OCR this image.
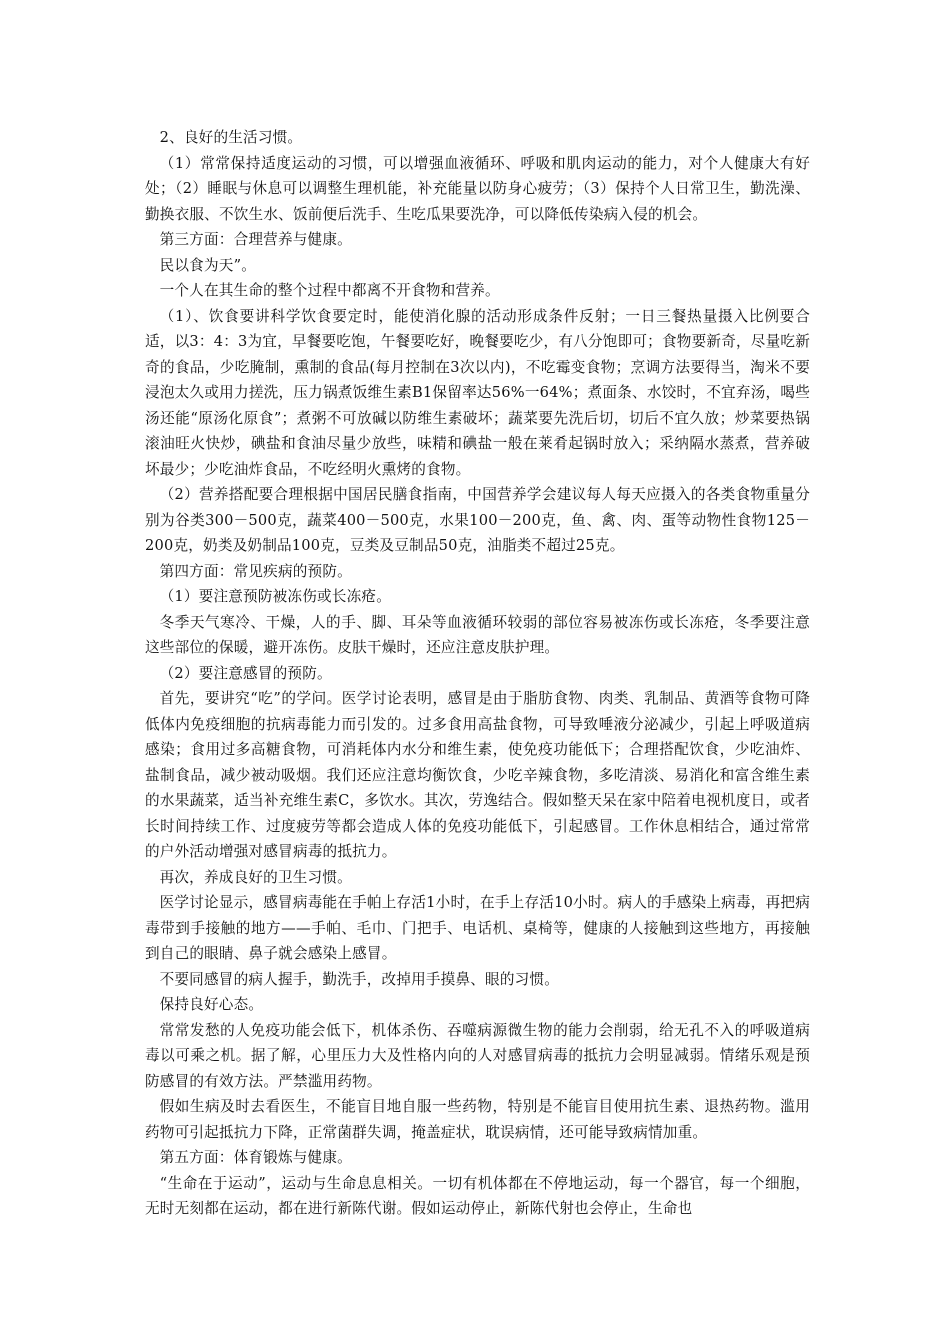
2、良好的生活习惯。

（1）常常保持适度运动的习惯，可以增强血液循环、呼吸和肌肉运动的能力，对个人健康大有好处；（2）睡眠与休息可以调整生理机能，补充能量以防身心疲劳；（3）保持个人日常卫生，勤洗澡、勤换衣服、不饮生水、饭前便后洗手、生吃瓜果要洗净，可以降低传染病入侵的机会。

第三方面：合理营养与健康。

民以食为天”。

一个人在其生命的整个过程中都离不开食物和营养。

（1）、饮食要讲科学饮食要定时，能使消化腺的活动形成条件反射；一日三餐热量摄入比例要合适，以3：4：3为宜，早餐要吃饱，午餐要吃好，晚餐要吃少，有八分饱即可；食物要新奇，尽量吃新奇的食品，少吃腌制，熏制的食品(每月控制在3次以内)，不吃霉变食物；烹调方法要得当，淘米不要浸泡太久或用力搓洗，压力锅煮饭维生素B1保留率达56%一64%；煮面条、水饺时，不宜弃汤，喝些汤还能“原汤化原食”；煮粥不可放碱以防维生素破坏；蔬菜要先洗后切，切后不宜久放；炒菜要热锅滚油旺火快炒，碘盐和食油尽量少放些，味精和碘盐一般在莱肴起锅时放入；采纳隔水蒸煮，营养破坏最少；少吃油炸食品，不吃经明火熏烤的食物。

（2）营养搭配要合理根据中国居民膳食指南，中国营养学会建议每人每天应摄入的各类食物重量分别为谷类300－500克，蔬菜400－500克，水果100－200克，鱼、禽、肉、蛋等动物性食物125－200克，奶类及奶制品100克，豆类及豆制品50克，油脂类不超过25克。

第四方面：常见疾病的预防。

（1）要注意预防被冻伤或长冻疮。

冬季天气寒冷、干燥，人的手、脚、耳朵等血液循环较弱的部位容易被冻伤或长冻疮，冬季要注意这些部位的保暖，避开冻伤。皮肤干燥时，还应注意皮肤护理。

（2）要注意感冒的预防。

首先，要讲究“吃”的学问。医学讨论表明，感冒是由于脂肪食物、肉类、乳制品、黄酒等食物可降低体内免疫细胞的抗病毒能力而引发的。过多食用高盐食物，可导致唾液分泌减少，引起上呼吸道病感染；食用过多高糖食物，可消耗体内水分和维生素，使免疫功能低下；合理搭配饮食，少吃油炸、盐制食品，减少被动吸烟。我们还应注意均衡饮食，少吃辛辣食物，多吃清淡、易消化和富含维生素的水果蔬菜，适当补充维生素C，多饮水。其次，劳逸结合。假如整天呆在家中陪着电视机度日，或者长时间持续工作、过度疲劳等都会造成人体的免疫功能低下，引起感冒。工作休息相结合，通过常常的户外活动增强对感冒病毒的抵抗力。

再次，养成良好的卫生习惯。

医学讨论显示，感冒病毒能在手帕上存活1小时，在手上存活10小时。病人的手感染上病毒，再把病毒带到手接触的地方——手帕、毛巾、门把手、电话机、桌椅等，健康的人接触到这些地方，再接触到自己的眼睛、鼻子就会感染上感冒。

不要同感冒的病人握手，勤洗手，改掉用手摸鼻、眼的习惯。

保持良好心态。

常常发愁的人免疫功能会低下，机体杀伤、吞噬病源微生物的能力会削弱，给无孔不入的呼吸道病毒以可乘之机。据了解，心里压力大及性格内向的人对感冒病毒的抵抗力会明显减弱。情绪乐观是预防感冒的有效方法。严禁滥用药物。

假如生病及时去看医生，不能盲目地自服一些药物，特别是不能盲目使用抗生素、退热药物。滥用药物可引起抵抗力下降，正常菌群失调，掩盖症状，耽误病情，还可能导致病情加重。

第五方面：体育锻炼与健康。

“生命在于运动”，运动与生命息息相关。一切有机体都在不停地运动，每一个器官，每一个细胞，无时无刻都在运动，都在进行新陈代谢。假如运动停止，新陈代射也会停止，生命也
